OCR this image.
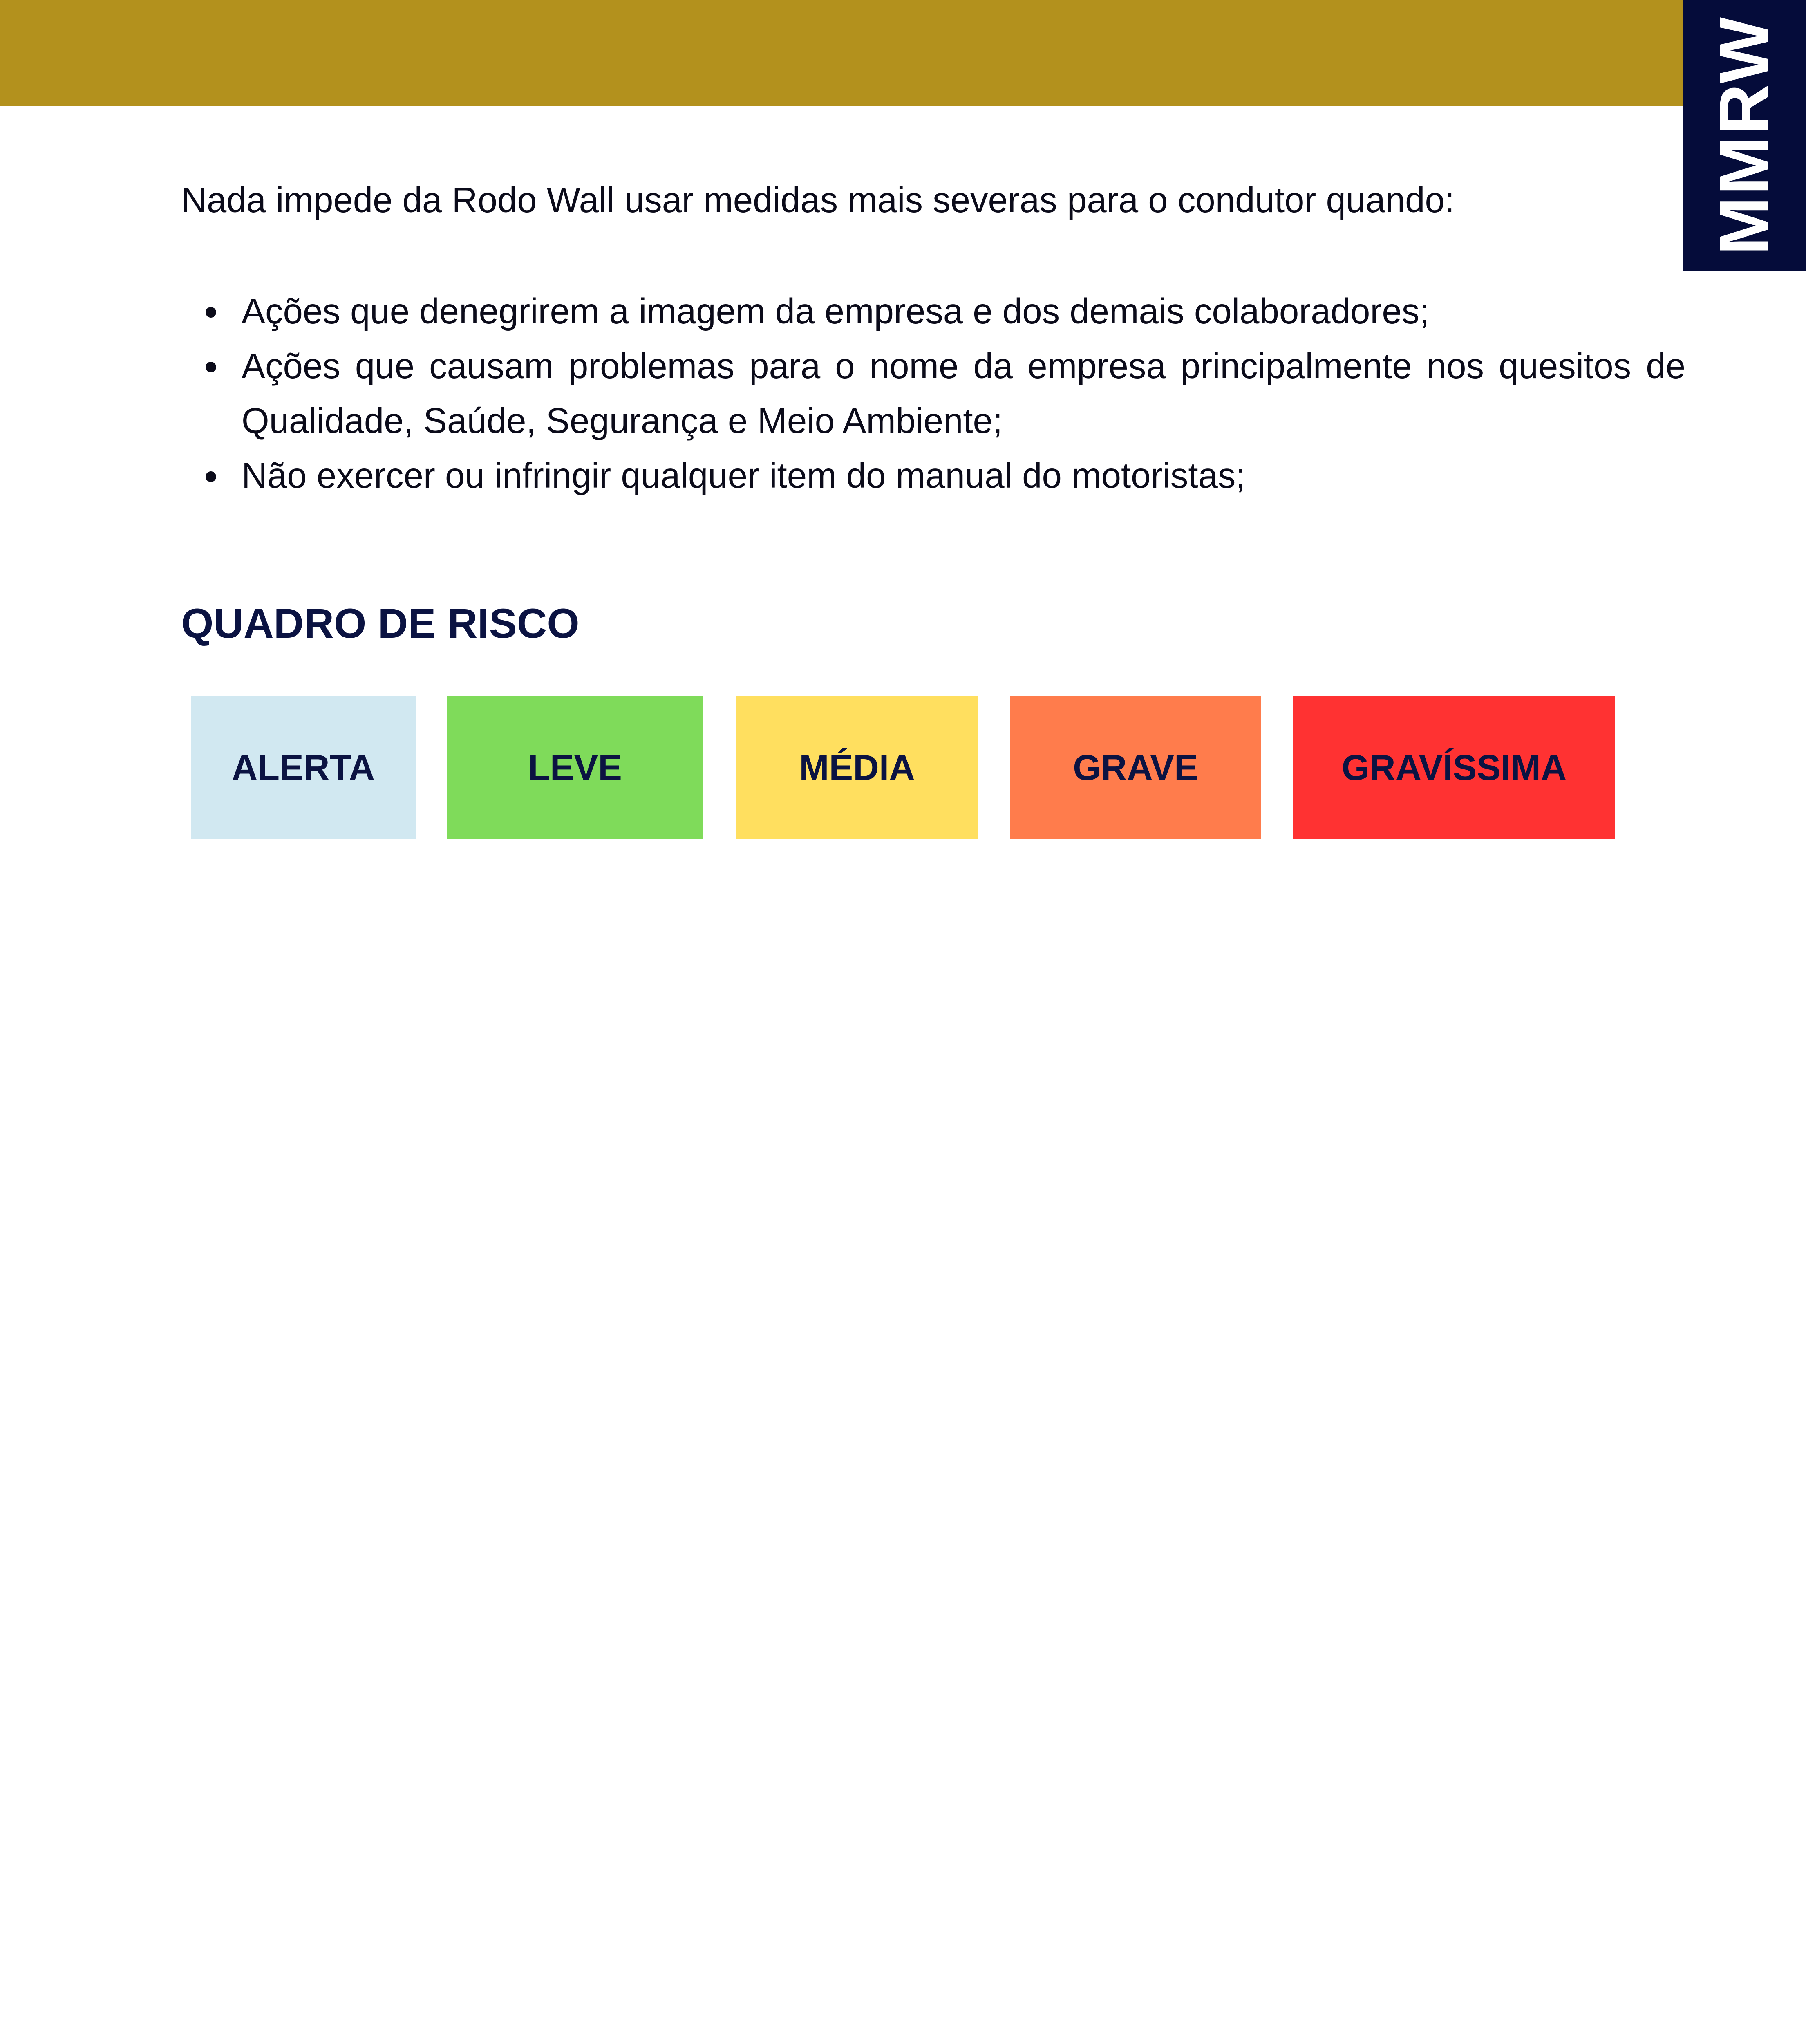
MMRW

Nada impede da Rodo Wall usar medidas mais severas para o condutor quando:

Ações que denegrirem a imagem da empresa e dos demais colaboradores;
Ações que causam problemas para o nome da empresa principalmente nos quesitos de Qualidade, Saúde, Segurança e Meio Ambiente;
Não exercer ou infringir qualquer item do manual do motoristas;
QUADRO DE RISCO
ALERTA	LEVE	MÉDIA	GRAVE	GRAVÍSSIMA
